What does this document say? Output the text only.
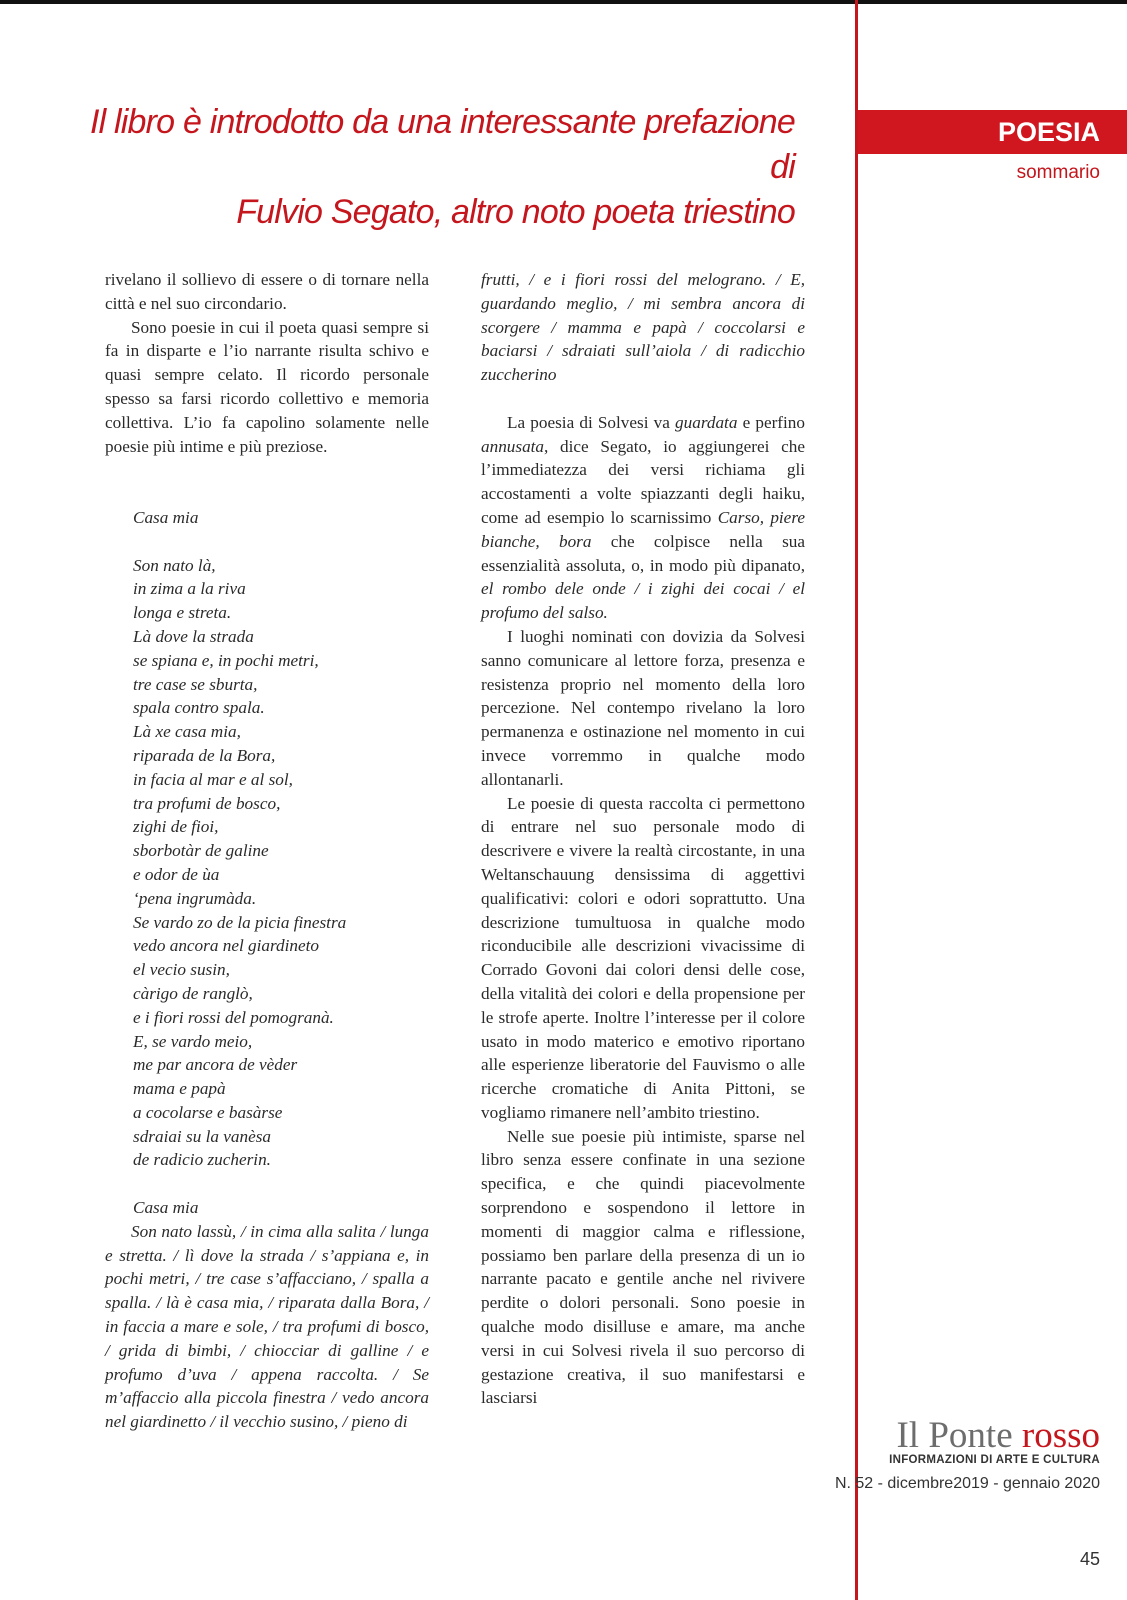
Il libro è introdotto da una interessante prefazione di
Fulvio Segato, altro noto poeta triestino
POESIA
sommario

rivelano il sollievo di essere o di tornare nella città e nel suo circondario.

Sono poesie in cui il poeta quasi sempre si fa in disparte e l’io narrante risulta schivo e quasi sempre celato. Il ricordo personale spesso sa farsi ricordo collettivo e memoria collettiva. L’io fa capolino solamente nelle poesie più intime e più preziose.

Casa mia
Son nato là,
in zima a la riva
longa e streta.
Là dove la strada
se spiana e, in pochi metri,
tre case se sburta,
spala contro spala.
Là xe casa mia,
riparada de la Bora,
in facia al mar e al sol,
tra profumi de bosco,
zighi de fioi,
sborbotàr de galine
e odor de ùa
‘pena ingrumàda.
Se vardo zo de la picia finestra
vedo ancora nel giardineto
el vecio susin,
càrigo de ranglò,
e i fiori rossi del pomogranà.
E, se vardo meio,
me par ancora de vèder
mama e papà
a cocolarse e basàrse
sdraiai su la vanèsa
de radicio zucherin.
Casa mia

Son nato lassù, / in cima alla salita / lunga e stretta. / lì dove la strada / s’appiana e, in pochi metri, / tre case s’affacciano, / spalla a spalla. / là è casa mia, / riparata dalla Bora, / in faccia a mare e sole, / tra profumi di bosco, / grida di bimbi, / chiocciar di galline / e profumo d’uva / appena raccolta. / Se m’affaccio alla piccola finestra / vedo ancora nel giardinetto / il vecchio susino, / pieno di

frutti, / e i fiori rossi del melograno. / E, guardando meglio, / mi sembra ancora di scorgere / mamma e papà / coccolarsi e baciarsi / sdraiati sull’aiola / di radicchio zuccherino

La poesia di Solvesi va guardata e perfino annusata, dice Segato, io aggiungerei che l’immediatezza dei versi richiama gli accostamenti a volte spiazzanti degli haiku, come ad esempio lo scarnissimo Carso, piere bianche, bora che colpisce nella sua essenzialità assoluta, o, in modo più dipanato, el rombo dele onde / i zighi dei cocai / el profumo del salso.

I luoghi nominati con dovizia da Solvesi sanno comunicare al lettore forza, presenza e resistenza proprio nel momento della loro percezione. Nel contempo rivelano la loro permanenza e ostinazione nel momento in cui invece vorremmo in qualche modo allontanarli.

Le poesie di questa raccolta ci permettono di entrare nel suo personale modo di descrivere e vivere la realtà circostante, in una Weltanschauung densissima di aggettivi qualificativi: colori e odori soprattutto. Una descrizione tumultuosa in qualche modo riconducibile alle descrizioni vivacissime di Corrado Govoni dai colori densi delle cose, della vitalità dei colori e della propensione per le strofe aperte. Inoltre l’interesse per il colore usato in modo materico e emotivo riportano alle esperienze liberatorie del Fauvismo o alle ricerche cromatiche di Anita Pittoni, se vogliamo rimanere nell’ambito triestino.

Nelle sue poesie più intimiste, sparse nel libro senza essere confinate in una sezione specifica, e che quindi piacevolmente sorprendono e sospendono il lettore in momenti di maggior calma e riflessione, possiamo ben parlare della presenza di un io narrante pacato e gentile anche nel rivivere perdite o dolori personali. Sono poesie in qualche modo disilluse e amare, ma anche versi in cui Solvesi rivela il suo percorso di gestazione creativa, il suo manifestarsi e lasciarsi

Il Ponte rosso
INFORMAZIONI DI ARTE E CULTURA
N. 52 - dicembre2019 - gennaio 2020
45
